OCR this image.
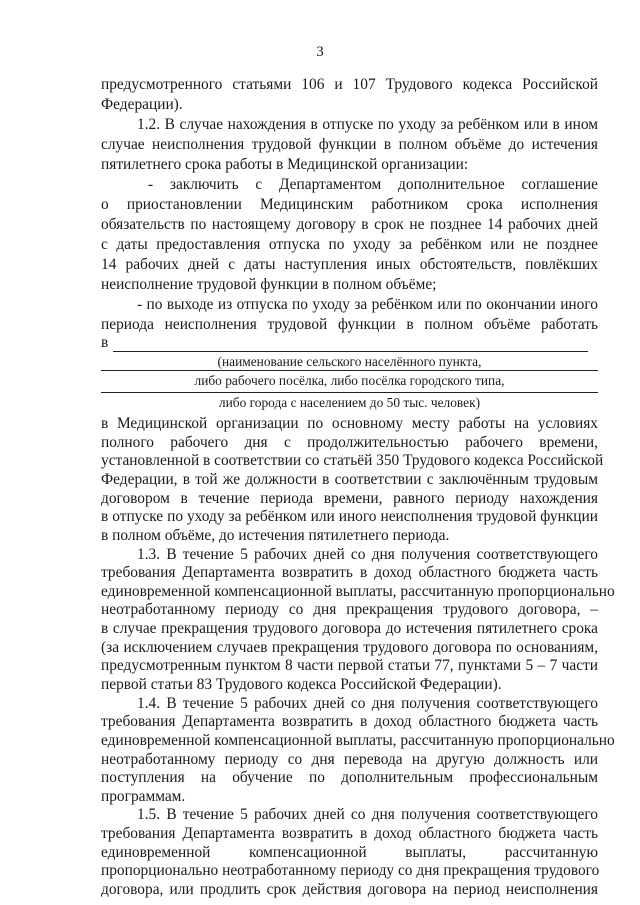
3
предусмотренного статьями 106 и 107 Трудового кодекса Российской
Федерации).
1.2. В случае нахождения в отпуске по уходу за ребёнком или в ином
случае неисполнения трудовой функции в полном объёме до истечения
пятилетнего срока работы в Медицинской организации:
- заключить с Департаментом дополнительное соглашение
о приостановлении Медицинским работником срока исполнения
обязательств по настоящему договору в срок не позднее 14 рабочих дней
с даты предоставления отпуска по уходу за ребёнком или не позднее
14 рабочих дней с даты наступления иных обстоятельств, повлёкших
неисполнение трудовой функции в полном объёме;
- по выходе из отпуска по уходу за ребёнком или по окончании иного
периода неисполнения трудовой функции в полном объёме работать
в
(наименование сельского населённого пункта,
либо рабочего посёлка, либо посёлка городского типа,
либо города с населением до 50 тыс. человек)
в Медицинской организации по основному месту работы на условиях
полного рабочего дня с продолжительностью рабочего времени,
установленной в соответствии со статьёй 350 Трудового кодекса Российской
Федерации, в той же должности в соответствии с заключённым трудовым
договором в течение периода времени, равного периоду нахождения
в отпуске по уходу за ребёнком или иного неисполнения трудовой функции
в полном объёме, до истечения пятилетнего периода.
1.3. В течение 5 рабочих дней со дня получения соответствующего
требования Департамента возвратить в доход областного бюджета часть
единовременной компенсационной выплаты, рассчитанную пропорционально
неотработанному периоду со дня прекращения трудового договора, –
в случае прекращения трудового договора до истечения пятилетнего срока
(за исключением случаев прекращения трудового договора по основаниям,
предусмотренным пунктом 8 части первой статьи 77, пунктами 5 – 7 части
первой статьи 83 Трудового кодекса Российской Федерации).
1.4. В течение 5 рабочих дней со дня получения соответствующего
требования Департамента возвратить в доход областного бюджета часть
единовременной компенсационной выплаты, рассчитанную пропорционально
неотработанному периоду со дня перевода на другую должность или
поступления на обучение по дополнительным профессиональным
программам.
1.5. В течение 5 рабочих дней со дня получения соответствующего
требования Департамента возвратить в доход областного бюджета часть
единовременной компенсационной выплаты, рассчитанную
пропорционально неотработанному периоду со дня прекращения трудового
договора, или продлить срок действия договора на период неисполнения
